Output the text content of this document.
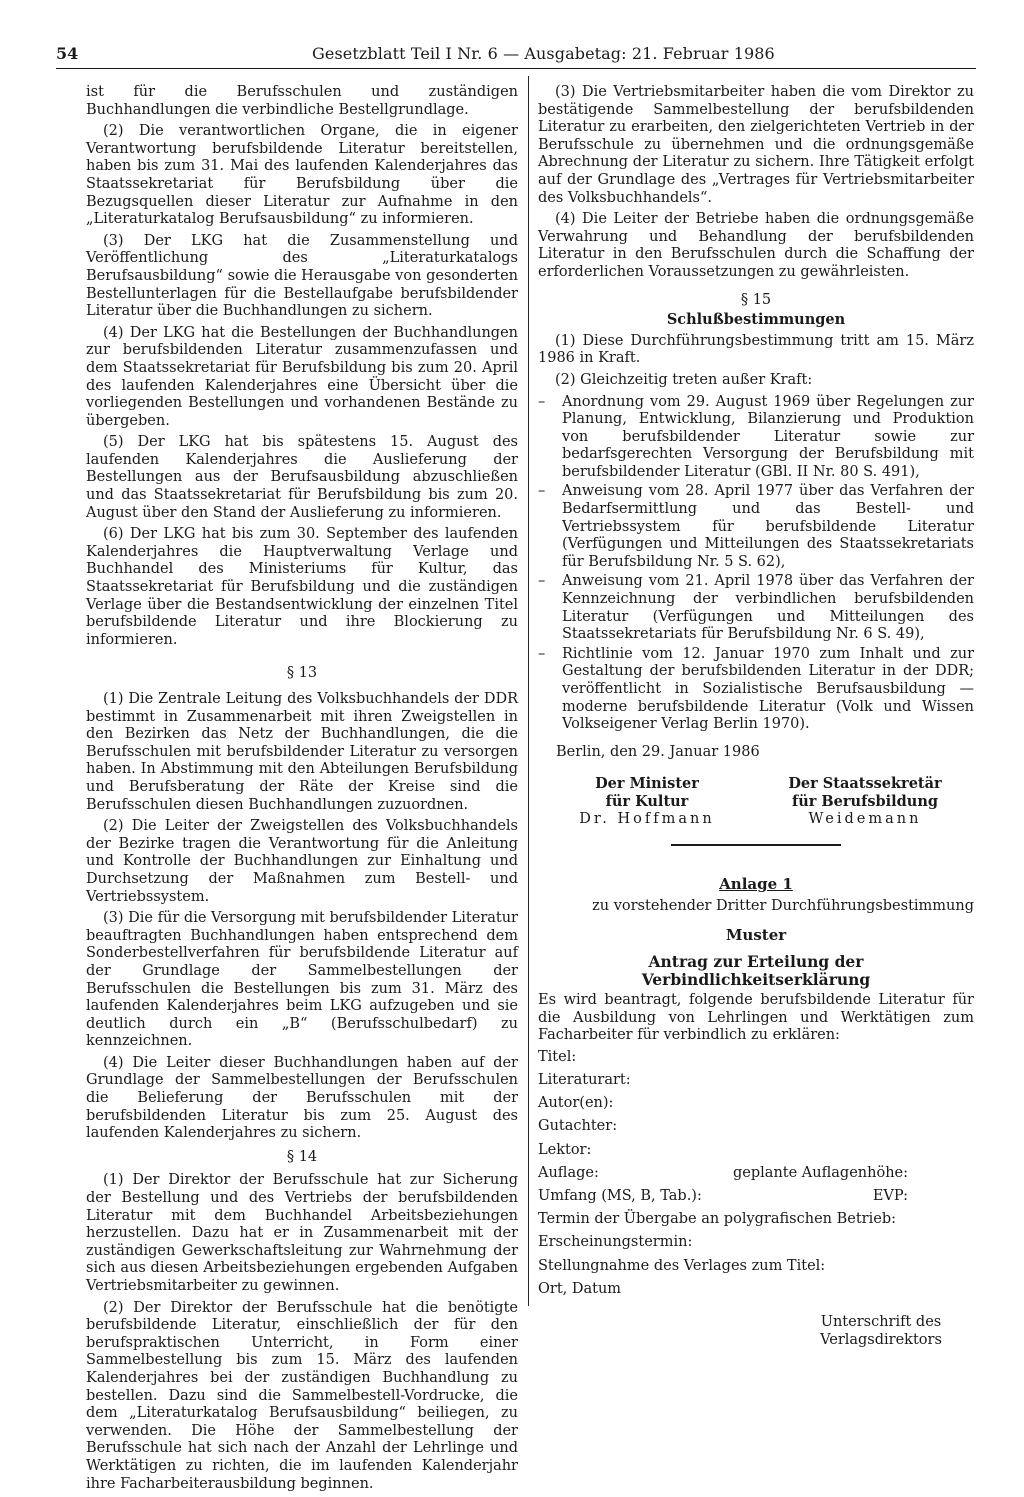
54	Gesetzblatt Teil I Nr. 6 — Ausgabetag: 21. Februar 1986

ist für die Berufsschulen und zuständigen Buchhandlungen die verbindliche Bestellgrundlage.

(2) Die verantwortlichen Organe, die in eigener Verantwortung berufsbildende Literatur bereitstellen, haben bis zum 31. Mai des laufenden Kalenderjahres das Staatssekretariat für Berufsbildung über die Bezugsquellen dieser Literatur zur Aufnahme in den „Literaturkatalog Berufsausbildung“ zu informieren.

(3) Der LKG hat die Zusammenstellung und Veröffentlichung des „Literaturkatalogs Berufsausbildung“ sowie die Herausgabe von gesonderten Bestellunterlagen für die Bestellaufgabe berufsbildender Literatur über die Buchhandlungen zu sichern.

(4) Der LKG hat die Bestellungen der Buchhandlungen zur berufsbildenden Literatur zusammenzufassen und dem Staatssekretariat für Berufsbildung bis zum 20. April des laufenden Kalenderjahres eine Übersicht über die vorliegenden Bestellungen und vorhandenen Bestände zu übergeben.

(5) Der LKG hat bis spätestens 15. August des laufenden Kalenderjahres die Auslieferung der Bestellungen aus der Berufsausbildung abzuschließen und das Staatssekretariat für Berufsbildung bis zum 20. August über den Stand der Auslieferung zu informieren.

(6) Der LKG hat bis zum 30. September des laufenden Kalenderjahres die Hauptverwaltung Verlage und Buchhandel des Ministeriums für Kultur, das Staatssekretariat für Berufsbildung und die zuständigen Verlage über die Bestandsentwicklung der einzelnen Titel berufsbildende Literatur und ihre Blockierung zu informieren.

§ 13

(1) Die Zentrale Leitung des Volksbuchhandels der DDR bestimmt in Zusammenarbeit mit ihren Zweigstellen in den Bezirken das Netz der Buchhandlungen, die die Berufsschulen mit berufsbildender Literatur zu versorgen haben. In Abstimmung mit den Abteilungen Berufsbildung und Berufsberatung der Räte der Kreise sind die Berufsschulen diesen Buchhandlungen zuzuordnen.

(2) Die Leiter der Zweigstellen des Volksbuchhandels der Bezirke tragen die Verantwortung für die Anleitung und Kontrolle der Buchhandlungen zur Einhaltung und Durchsetzung der Maßnahmen zum Bestell- und Vertriebssystem.

(3) Die für die Versorgung mit berufsbildender Literatur beauftragten Buchhandlungen haben entsprechend dem Sonderbestellverfahren für berufsbildende Literatur auf der Grundlage der Sammelbestellungen der Berufsschulen die Bestellungen bis zum 31. März des laufenden Kalenderjahres beim LKG aufzugeben und sie deutlich durch ein „B“ (Berufsschulbedarf) zu kennzeichnen.

(4) Die Leiter dieser Buchhandlungen haben auf der Grundlage der Sammelbestellungen der Berufsschulen die Belieferung der Berufsschulen mit der berufsbildenden Literatur bis zum 25. August des laufenden Kalenderjahres zu sichern.

§ 14

(1) Der Direktor der Berufsschule hat zur Sicherung der Bestellung und des Vertriebs der berufsbildenden Literatur mit dem Buchhandel Arbeitsbeziehungen herzustellen. Dazu hat er in Zusammenarbeit mit der zuständigen Gewerkschaftsleitung zur Wahrnehmung der sich aus diesen Arbeitsbeziehungen ergebenden Aufgaben Vertriebsmitarbeiter zu gewinnen.

(2) Der Direktor der Berufsschule hat die benötigte berufsbildende Literatur, einschließlich der für den berufspraktischen Unterricht, in Form einer Sammelbestellung bis zum 15. März des laufenden Kalenderjahres bei der zuständigen Buchhandlung zu bestellen. Dazu sind die Sammelbestell-Vordrucke, die dem „Literaturkatalog Berufsausbildung“ beiliegen, zu verwenden. Die Höhe der Sammelbestellung der Berufsschule hat sich nach der Anzahl der Lehrlinge und Werktätigen zu richten, die im laufenden Kalenderjahr ihre Facharbeiterausbildung beginnen.

(3) Die Vertriebsmitarbeiter haben die vom Direktor zu bestätigende Sammelbestellung der berufsbildenden Literatur zu erarbeiten, den zielgerichteten Vertrieb in der Berufsschule zu übernehmen und die ordnungsgemäße Abrechnung der Literatur zu sichern. Ihre Tätigkeit erfolgt auf der Grundlage des „Vertrages für Vertriebsmitarbeiter des Volksbuchhandels“.

(4) Die Leiter der Betriebe haben die ordnungsgemäße Verwahrung und Behandlung der berufsbildenden Literatur in den Berufsschulen durch die Schaffung der erforderlichen Voraussetzungen zu gewährleisten.

§ 15
Schlußbestimmungen

(1) Diese Durchführungsbestimmung tritt am 15. März 1986 in Kraft.

(2) Gleichzeitig treten außer Kraft:

– Anordnung vom 29. August 1969 über Regelungen zur Planung, Entwicklung, Bilanzierung und Produktion von berufsbildender Literatur sowie zur bedarfsgerechten Versorgung der Berufsbildung mit berufsbildender Literatur (GBl. II Nr. 80 S. 491),
– Anweisung vom 28. April 1977 über das Verfahren der Bedarfsermittlung und das Bestell- und Vertriebssystem für berufsbildende Literatur (Verfügungen und Mitteilungen des Staatssekretariats für Berufsbildung Nr. 5 S. 62),
– Anweisung vom 21. April 1978 über das Verfahren der Kennzeichnung der verbindlichen berufsbildenden Literatur (Verfügungen und Mitteilungen des Staatssekretariats für Berufsbildung Nr. 6 S. 49),
– Richtlinie vom 12. Januar 1970 zum Inhalt und zur Gestaltung der berufsbildenden Literatur in der DDR; veröffentlicht in Sozialistische Berufsausbildung — moderne berufsbildende Literatur (Volk und Wissen Volkseigener Verlag Berlin 1970).
Berlin, den 29. Januar 1986
Der Minister
für Kultur
Dr. Hoffmann
Der Staatssekretär
für Berufsbildung
Weidemann
Anlage 1
zu vorstehender Dritter Durchführungsbestimmung
Muster
Antrag zur Erteilung der Verbindlichkeitserklärung

Es wird beantragt, folgende berufsbildende Literatur für die Ausbildung von Lehrlingen und Werktätigen zum Facharbeiter für verbindlich zu erklären:

Titel:
Literaturart:
Autor(en):
Gutachter:
Lektor:
Auflage:	geplante Auflagenhöhe:
Umfang (MS, B, Tab.):	EVP:
Termin der Übergabe an polygrafischen Betrieb:
Erscheinungstermin:
Stellungnahme des Verlages zum Titel:
Ort, Datum
Unterschrift des
Verlagsdirektors
